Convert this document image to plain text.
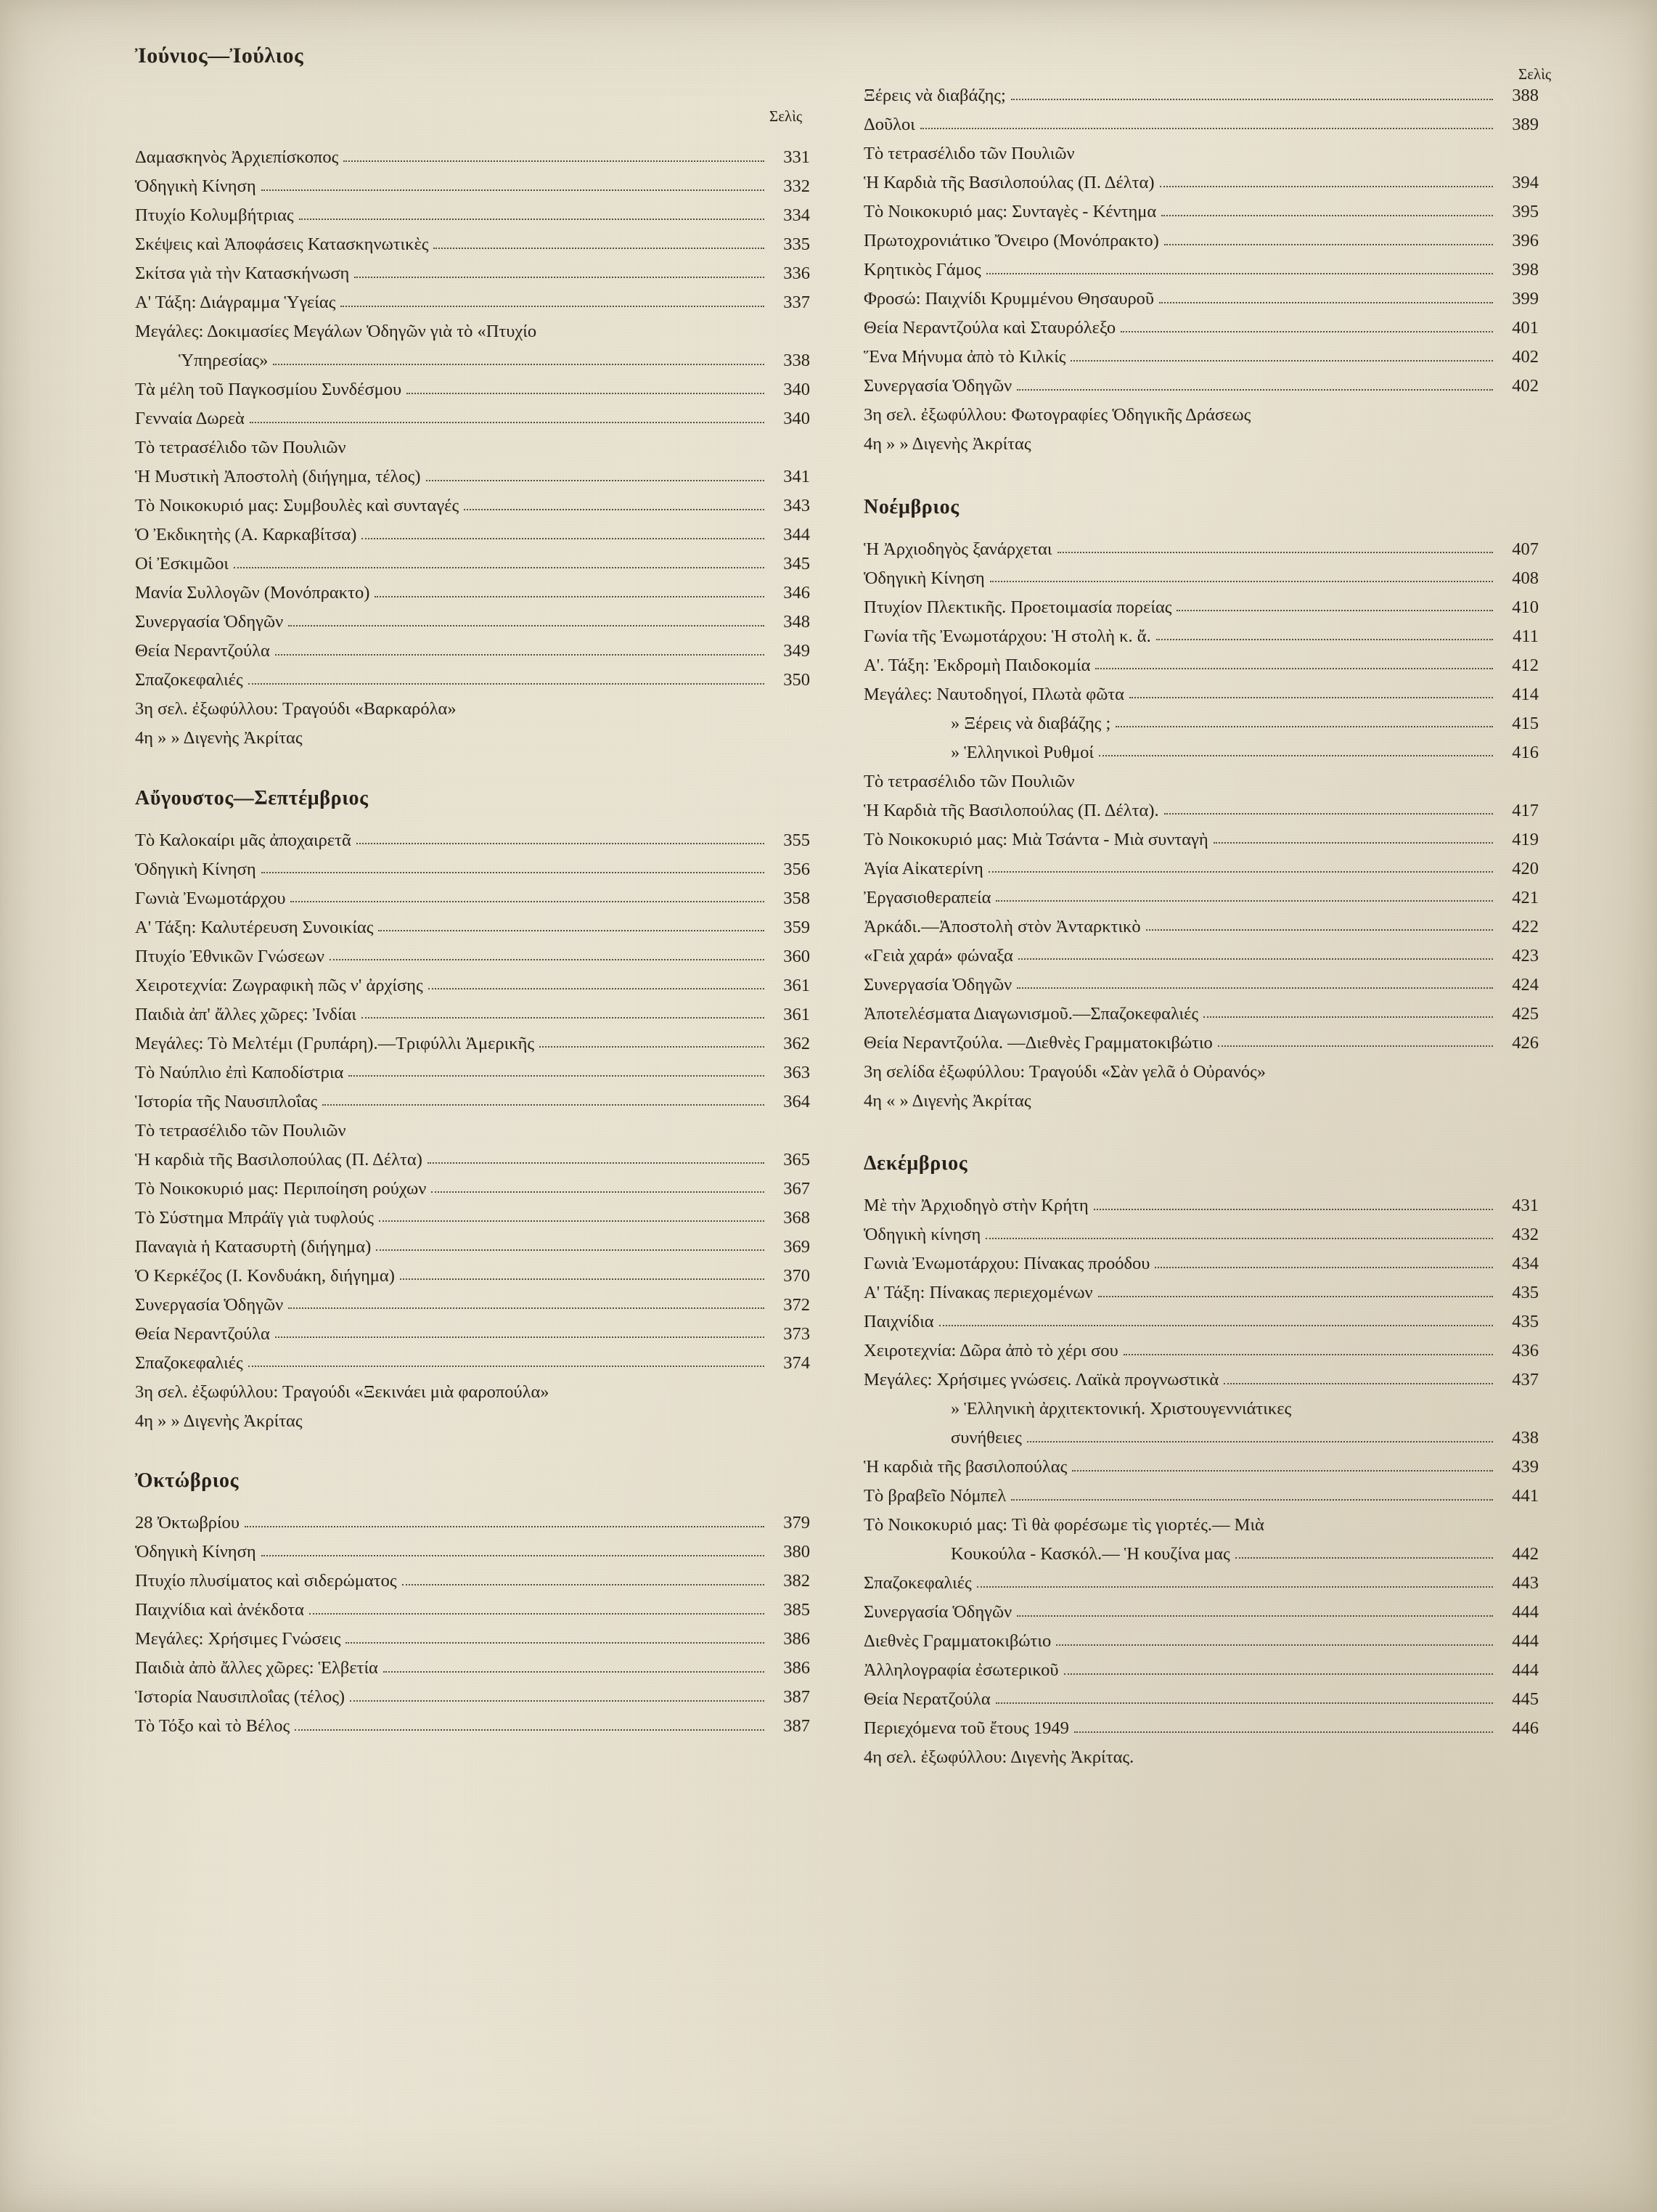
Ἰούνιος—Ἰούλιος
Σελὶς
Σελὶς
Δαμασκηνὸς Ἀρχιεπίσκοπος	331
Ὁδηγικὴ Κίνηση	332
Πτυχίο Κολυμβήτριας	334
Σκέψεις καὶ Ἀποφάσεις Κατασκηνωτικὲς	335
Σκίτσα γιὰ τὴν Κατασκήνωση	336
Α' Τάξη: Διάγραμμα Ὑγείας	337
Μεγάλες: Δοκιμασίες Μεγάλων Ὁδηγῶν γιὰ τὸ «Πτυχίο
Ὑπηρεσίας»	338
Τὰ μέλη τοῦ Παγκοσμίου Συνδέσμου	340
Γενναία Δωρεὰ	340
Τὸ τετρασέλιδο τῶν Πουλιῶν
Ἡ Μυστικὴ Ἀποστολὴ (διήγημα, τέλος)	341
Τὸ Νοικοκυριό μας: Συμβουλὲς καὶ συνταγές	343
Ὁ Ἐκδικητὴς (Α. Καρκαβίτσα)	344
Οἱ Ἐσκιμῶοι	345
Μανία Συλλογῶν (Μονόπρακτο)	346
Συνεργασία Ὁδηγῶν	348
Θεία Νεραντζούλα	349
Σπαζοκεφαλιές	350
3η σελ. ἐξωφύλλου: Τραγούδι «Βαρκαρόλα»
4η » » Διγενὴς Ἀκρίτας
Αὔγουστος—Σεπτέμβριος
Τὸ Καλοκαίρι μᾶς ἀποχαιρετᾶ	355
Ὁδηγικὴ Κίνηση	356
Γωνιὰ Ἐνωμοτάρχου	358
Α' Τάξη: Καλυτέρευση Συνοικίας	359
Πτυχίο Ἐθνικῶν Γνώσεων	360
Χειροτεχνία: Ζωγραφικὴ πῶς ν' ἀρχίσης	361
Παιδιὰ ἀπ' ἄλλες χῶρες: Ἰνδίαι	361
Μεγάλες: Τὸ Μελτέμι (Γρυπάρη).—Τριφύλλι Ἀμερικῆς	362
Τὸ Ναύπλιο ἐπὶ Καποδίστρια	363
Ἱστορία τῆς Ναυσιπλοΐας	364
Τὸ τετρασέλιδο τῶν Πουλιῶν
Ἡ καρδιὰ τῆς Βασιλοπούλας (Π. Δέλτα)	365
Τὸ Νοικοκυριό μας: Περιποίηση ρούχων	367
Τὸ Σύστημα Μπράϊγ γιὰ τυφλούς	368
Παναγιὰ ἡ Κατασυρτὴ (διήγημα)	369
Ὁ Κερκέζος (Ι. Κονδυάκη, διήγημα)	370
Συνεργασία Ὁδηγῶν	372
Θεία Νεραντζούλα	373
Σπαζοκεφαλιές	374
3η σελ. ἐξωφύλλου: Τραγούδι «Ξεκινάει μιὰ φαροπούλα»
4η » » Διγενὴς Ἀκρίτας
Ὀκτώβριος
28 Ὀκτωβρίου	379
Ὁδηγικὴ Κίνηση	380
Πτυχίο πλυσίματος καὶ σιδερώματος	382
Παιχνίδια καὶ ἀνέκδοτα	385
Μεγάλες: Χρήσιμες Γνώσεις	386
Παιδιὰ ἀπὸ ἄλλες χῶρες: Ἑλβετία	386
Ἱστορία Ναυσιπλοΐας (τέλος)	387
Τὸ Τόξο καὶ τὸ Βέλος	387
Ξέρεις νὰ διαβάζης;	388
Δοῦλοι	389
Τὸ τετρασέλιδο τῶν Πουλιῶν
Ἡ Καρδιὰ τῆς Βασιλοπούλας (Π. Δέλτα)	394
Τὸ Νοικοκυριό μας: Συνταγὲς - Κέντημα	395
Πρωτοχρονιάτικο Ὄνειρο (Μονόπρακτο)	396
Κρητικὸς Γάμος	398
Φροσώ: Παιχνίδι Κρυμμένου Θησαυροῦ	399
Θεία Νεραντζούλα καὶ Σταυρόλεξο	401
Ἕνα Μήνυμα ἀπὸ τὸ Κιλκίς	402
Συνεργασία Ὁδηγῶν	402
3η σελ. ἐξωφύλλου: Φωτογραφίες Ὁδηγικῆς Δράσεως
4η » » Διγενὴς Ἀκρίτας
Νοέμβριος
Ἡ Ἀρχιοδηγὸς ξανάρχεται	407
Ὁδηγικὴ Κίνηση	408
Πτυχίον Πλεκτικῆς. Προετοιμασία πορείας	410
Γωνία τῆς Ἐνωμοτάρχου: Ἡ στολὴ κ. ἄ.	411
Α'. Τάξη: Ἐκδρομὴ Παιδοκομία	412
Μεγάλες: Ναυτοδηγοί, Πλωτὰ φῶτα	414
» Ξέρεις νὰ διαβάζης ;	415
» Ἑλληνικοὶ Ρυθμοί	416
Τὸ τετρασέλιδο τῶν Πουλιῶν
Ἡ Καρδιὰ τῆς Βασιλοπούλας (Π. Δέλτα).	417
Τὸ Νοικοκυριό μας: Μιὰ Τσάντα - Μιὰ συνταγὴ	419
Ἁγία Αἰκατερίνη	420
Ἐργασιοθεραπεία	421
Ἀρκάδι.—Ἀποστολὴ στὸν Ἀνταρκτικὸ	422
«Γειὰ χαρά» φώναξα	423
Συνεργασία Ὁδηγῶν	424
Ἀποτελέσματα Διαγωνισμοῦ.—Σπαζοκεφαλιές	425
Θεία Νεραντζούλα. —Διεθνὲς Γραμματοκιβώτιο	426
3η σελίδα ἐξωφύλλου: Τραγούδι «Σὰν γελᾶ ὁ Οὐρανός»
4η « » Διγενὴς Ἀκρίτας
Δεκέμβριος
Μὲ τὴν Ἀρχιοδηγὸ στὴν Κρήτη	431
Ὁδηγικὴ κίνηση	432
Γωνιὰ Ἐνωμοτάρχου: Πίνακας προόδου	434
Α' Τάξη: Πίνακας περιεχομένων	435
Παιχνίδια	435
Χειροτεχνία: Δῶρα ἀπὸ τὸ χέρι σου	436
Μεγάλες: Χρήσιμες γνώσεις. Λαϊκὰ προγνωστικὰ	437
» Ἑλληνικὴ ἀρχιτεκτονική. Χριστουγεννιάτικες
συνήθειες	438
Ἡ καρδιὰ τῆς βασιλοπούλας	439
Τὸ βραβεῖο Νόμπελ	441
Τὸ Νοικοκυριό μας: Τὶ θὰ φορέσωμε τὶς γιορτές.— Μιὰ
Κουκούλα - Κασκόλ.— Ἡ κουζίνα μας	442
Σπαζοκεφαλιές	443
Συνεργασία Ὁδηγῶν	444
Διεθνὲς Γραμματοκιβώτιο	444
Ἀλληλογραφία ἐσωτερικοῦ	444
Θεία Νερατζούλα	445
Περιεχόμενα τοῦ ἔτους 1949	446
4η σελ. ἐξωφύλλου: Διγενὴς Ἀκρίτας.
